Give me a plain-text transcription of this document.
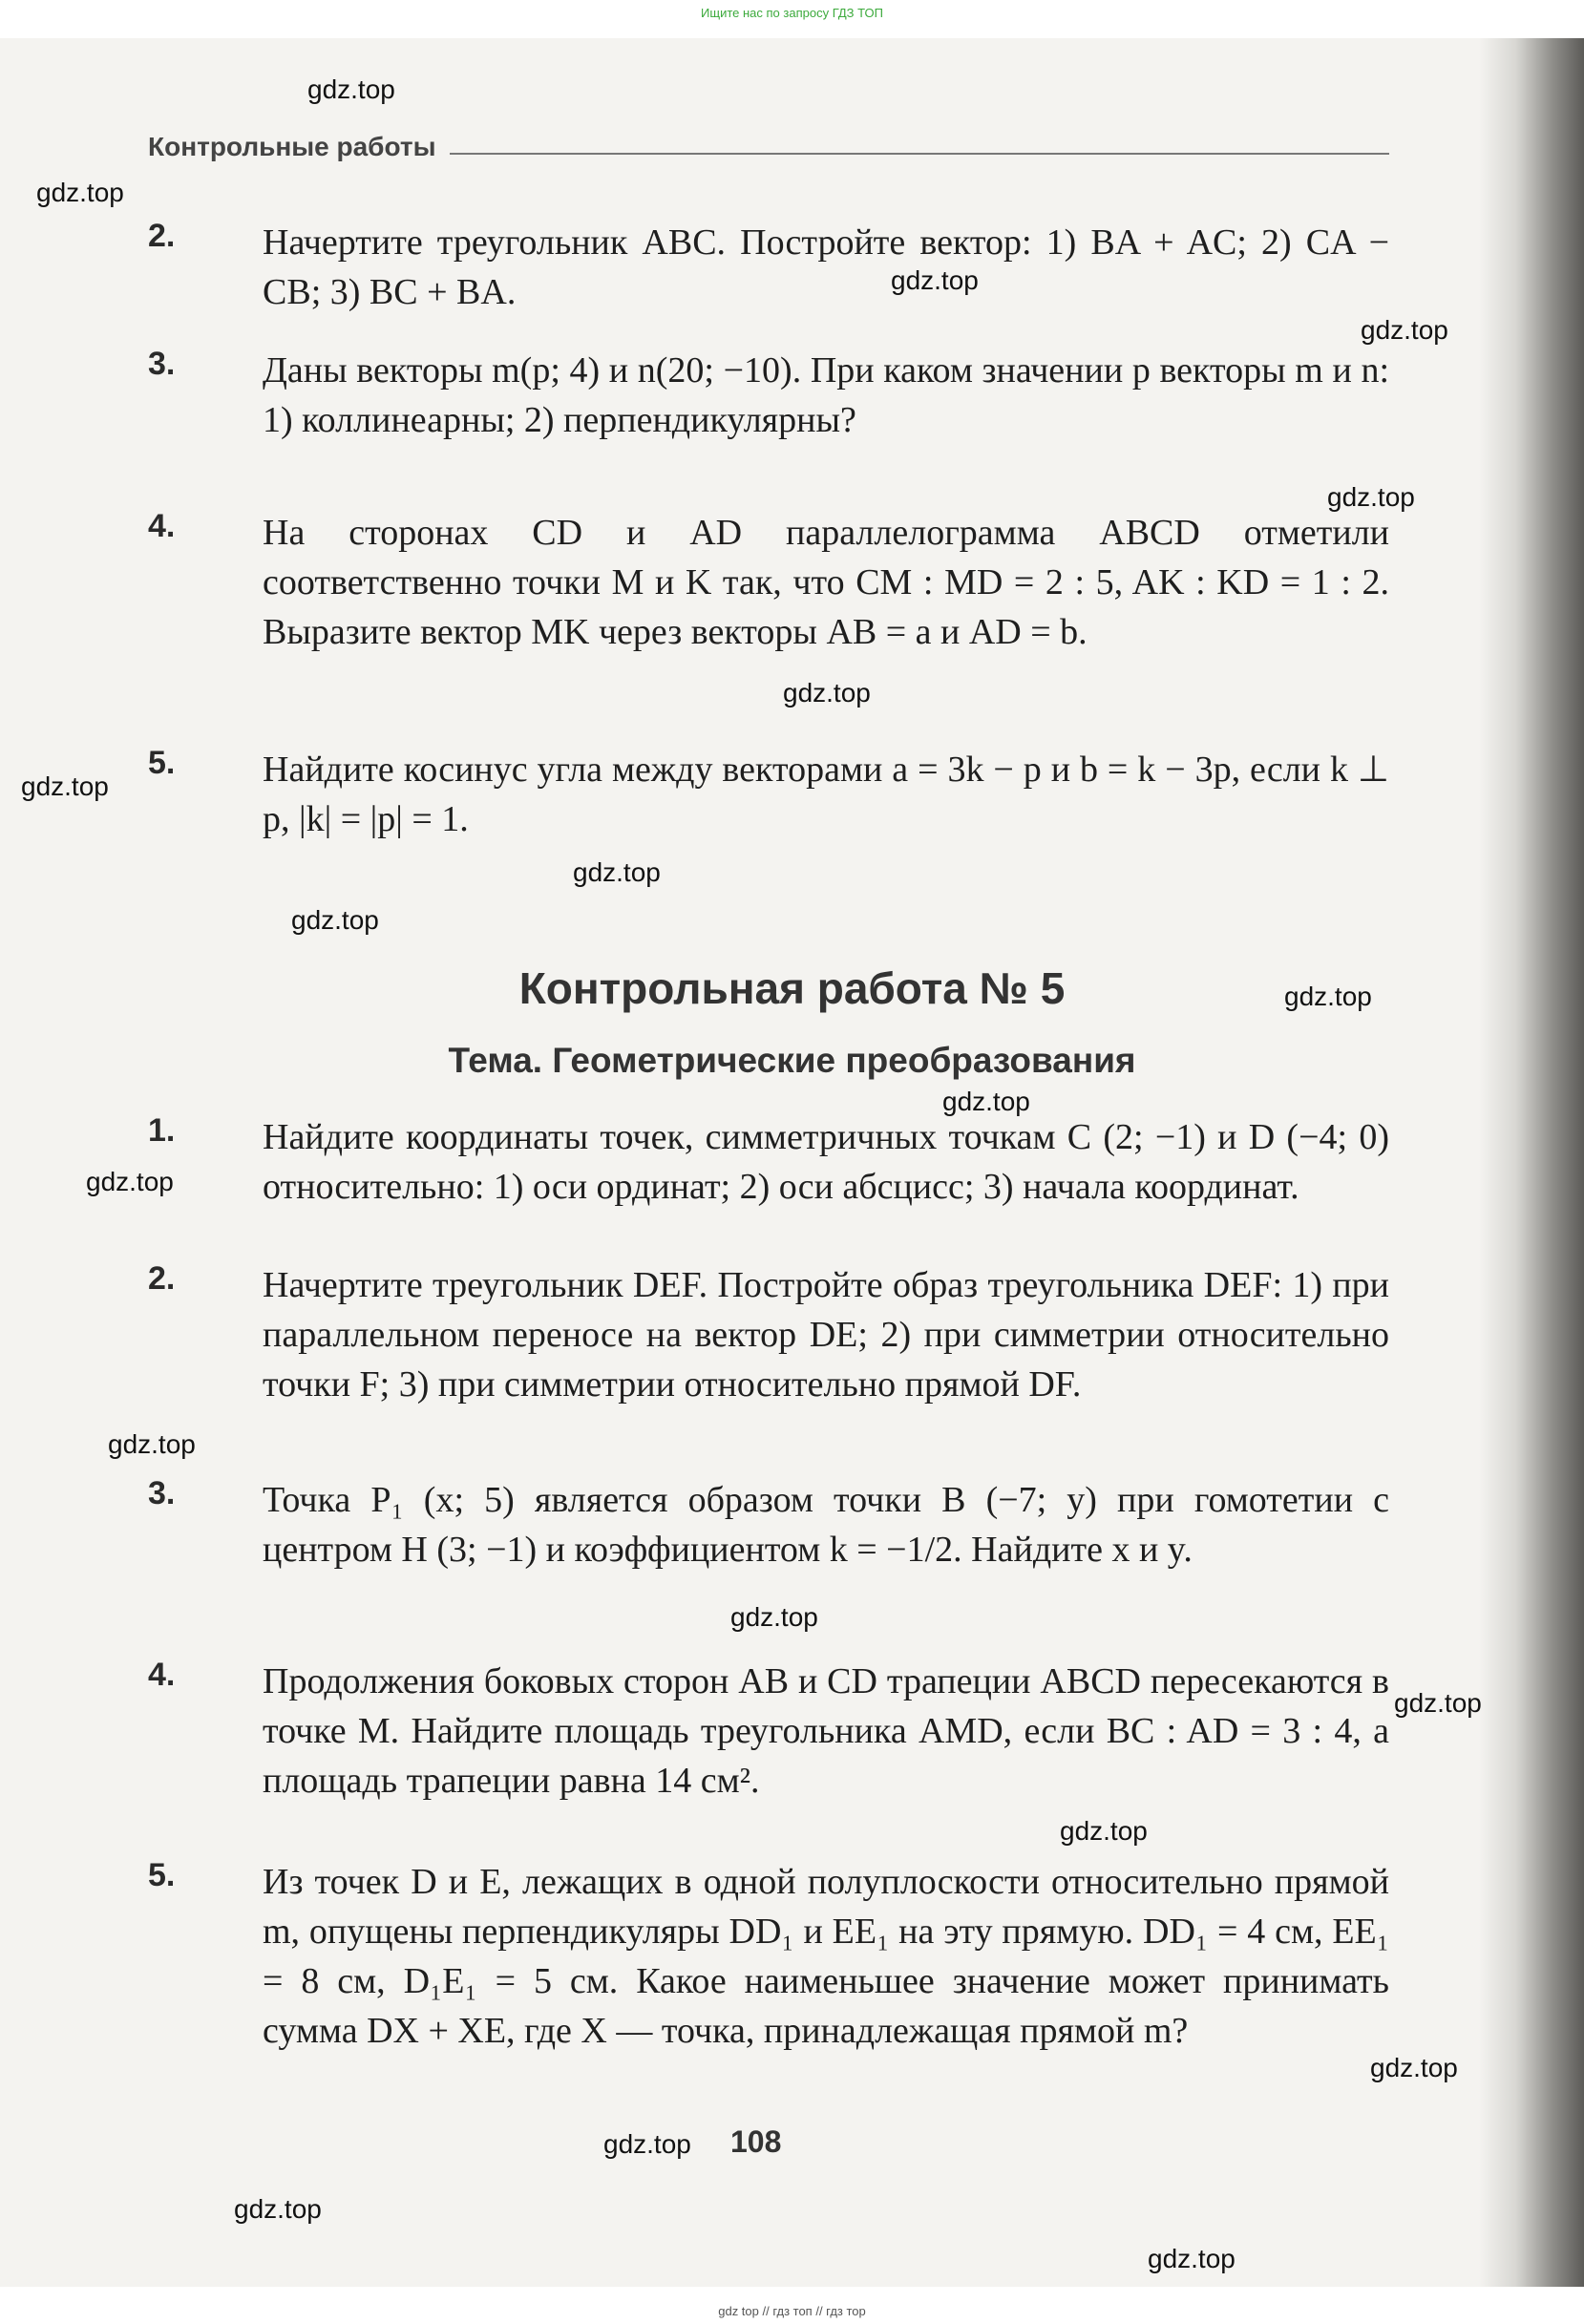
Ищите нас по запросу ГДЗ ТОП
Контрольные работы
2. Начертите треугольник ABC. Постройте вектор: 1) BA + AC; 2) CA − CB; 3) BC + BA.
3. Даны векторы m(p; 4) и n(20; −10). При каком значении p векторы m и n: 1) коллинеарны; 2) перпендикулярны?
4. На сторонах CD и AD параллелограмма ABCD отметили соответственно точки M и K так, что CM : MD = 2 : 5, AK : KD = 1 : 2. Выразите вектор MK через векторы AB = a и AD = b.
5. Найдите косинус угла между векторами a = 3k − p и b = k − 3p, если k ⊥ p, |k| = |p| = 1.
Контрольная работа № 5
Тема. Геометрические преобразования
1. Найдите координаты точек, симметричных точкам C (2; −1) и D (−4; 0) относительно: 1) оси ординат; 2) оси абсцисс; 3) начала координат.
2. Начертите треугольник DEF. Постройте образ треугольника DEF: 1) при параллельном переносе на вектор DE; 2) при симметрии относительно точки F; 3) при симметрии относительно прямой DF.
3. Точка P₁ (x; 5) является образом точки B (−7; y) при гомотетии с центром H (3; −1) и коэффициентом k = −1/2. Найдите x и y.
4. Продолжения боковых сторон AB и CD трапеции ABCD пересекаются в точке M. Найдите площадь треугольника AMD, если BC : AD = 3 : 4, а площадь трапеции равна 14 см².
5. Из точек D и E, лежащих в одной полуплоскости относительно прямой m, опущены перпендикуляры DD₁ и EE₁ на эту прямую. DD₁ = 4 см, EE₁ = 8 см, D₁E₁ = 5 см. Какое наименьшее значение может принимать сумма DX + XE, где X — точка, принадлежащая прямой m?
108
gdz.top
gdz.top
gdz.top
gdz.top
gdz.top
gdz.top
gdz.top
gdz.top
gdz.top
gdz.top
gdz.top
gdz.top
gdz.top
gdz.top
gdz.top
gdz.top
gdz.top
gdz.top
gdz.top
gdz.top
gdz top // гдз топ // гдз тор
